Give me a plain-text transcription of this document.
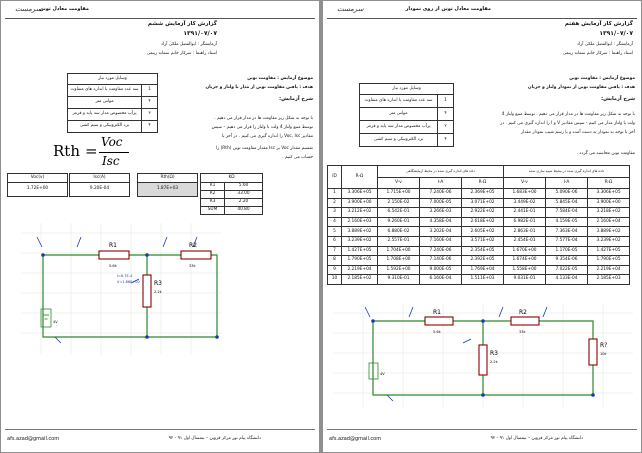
ﺳﺮﻣﺴﺖ
مقاومت معادل تونن
گزارش کار آزمایش ششم
۱۳۹۱/۰۷/۰۷
آزمایشگر : ابوالفضل ملکی آزاد
استاد راهنما : سرکار خانم سمانه ربیعی
وسایل مورد نیاز	
سه عدد مقاومت با اندازه های متفاوت	1
مولتی متر	۴
پرآب مخصوص مدار سه پایه و قرمز	۳
برد الکترونیکی و سیم کشی	۴
موضوع آزمایش : مقاومت تونن
هدف : یافتن مقاومت تونن از مدار با ولتاژ و جریان
شرح آزمایش:
با توجه به شکل زیر مقاومت ها در مدار قرار می دهیم .
توسط منبع ولتاژ 4 ولت با ولتاژ را قرار می دهیم – سپس
مقادیر Voc, Isc را اندازه گیری می کنیم . در آخر با
تقسیم مقدار Voc بر Isc مقدار مقاومت تونن (Rth) را
حساب می کنیم .
Rth = Voc
Isc
Voc(v)		Isc(A)		Rth(Ω)
1.72E+00		9.20E-04		1.87E+03
KΩ	
R1	5.60
R2	33.00
R3	2.20
SUM	40.80
R1
5.6k
R2
33k
R3
2.2k
4V
I=6.7E-4
V=1.86E+00
afs.azad@gmail.com	دانشگاه پیام نور مرکز قزوین – نیمسال اول ۹۱ - ۹۲
ﺳﺮﻣﺴﺖ	مقاومت معادل تونن از روی نمودار
گزارش کار آزمایش هفتم
۱۳۹۱/۰۷/۰۷
آزمایشگر : ابوالفضل ملکی آزاد
استاد راهنما : سرکار خانم سمانه ربیعی
وسایل مورد نیاز	
سه عدد مقاومت با اندازه های متفاوت	1
مولتی متر	۴
پرآب مخصوص مدار سه پایه و قرمز	۲
برد الکترونیکی و سیم کشی	۴
موضوع آزمایش : مقاومت تونن
هدف : یافتن مقاومت تونن از نمودار ولتاژ و جریان
شرح آزمایش:
با توجه به شکل زیر مقاومت ها در مدار قرار می دهیم . توسط منبع ولتاژ 4
ولت با ولتاژ مدار می کنیم - سپس مقادیر V و I را اندازه گیری می کنیم . در
آخر با توجه به نمودار به دست آمده و با رسم شیب نمودار مقدار
مقاومت تونن محاسبه می گردد .
ID	R-Ω	داده های اندازه گیری شده در محیط آزمایشگاهی			داده های اندازه گیری شده در محیط شبیه سازی شده		
		V-v	I-A	R-Ω	V-v	I-A	R-Ω
1	3.306E+05	1.715E+00	7.240E-06	2.369E+05	1.683E+00	5.090E-06	3.306E+05
2	3.900E+00	2.150E-02	7.000E-05	3.071E+02	3.449E-02	5.845E-04	3.900E+00
3	3.212E+02	6.542E-01	3.266E-03	2.922E+02	2.441E-01	7.584E-04	3.218E+02
4	2.160E+03	9.260E-01	4.358E-04	2.618E+02	6.982E-01	4.159E-05	2.160E+04
5	3.889E+02	6.880E-02	3.202E-04	2.605E+02	2.863E-01	7.363E-04	3.889E+02
6	3.239E+02	2.557E-01	7.160E-04	3.571E+02	2.454E-01	7.577E-04	3.239E+02
7	1.427E+05	1.704E+00	7.240E-06	2.354E+05	1.670E+00	1.170E-05	1.427E+05
8	1.790E+05	1.708E+00	7.140E-06	2.392E+05	1.674E+00	9.354E-06	1.790E+05
9	2.219E+04	1.592E+00	9.000E-05	1.769E+04	1.558E+00	7.022E-05	2.219E+04
10	2.185E+02	9.310E-01	6.160E-04	1.511E+03	9.031E-01	4.133E-04	2.185E+03
R1
5.6k
R2
33k
R3
2.2k
R?
10k
4V
afs.azad@gmail.com	دانشگاه پیام نور مرکز قزوین – نیمسال اول ۹۱ - ۹۲
